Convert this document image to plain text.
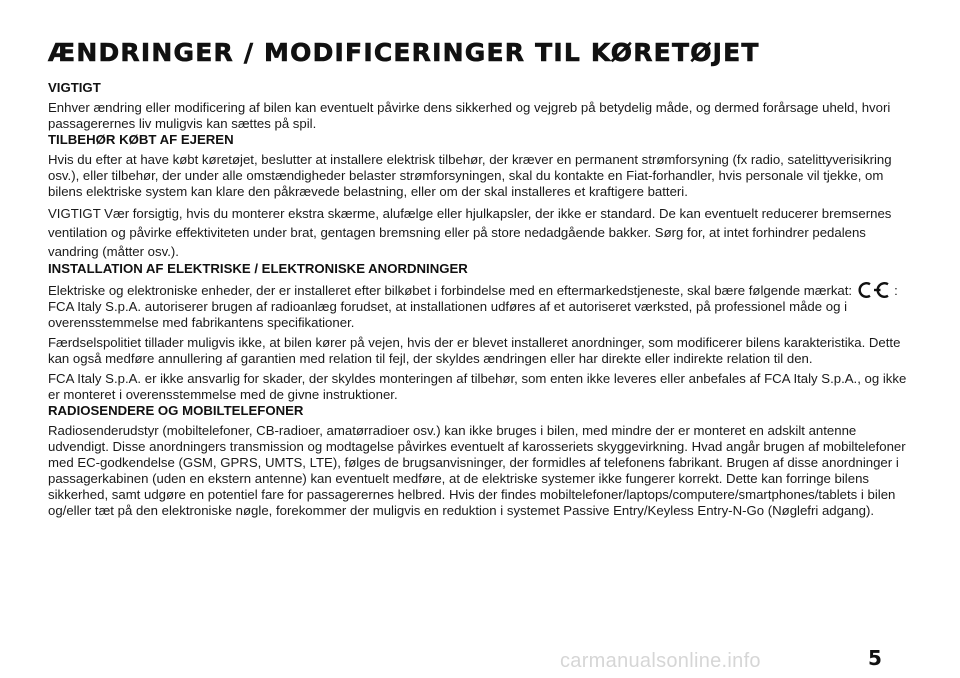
ÆNDRINGER / MODIFICERINGER TIL KØRETØJET
VIGTIGT

Enhver ændring eller modificering af bilen kan eventuelt påvirke dens sikkerhed og vejgreb på betydelig måde, og dermed forårsage uheld, hvori passagerernes liv muligvis kan sættes på spil.

TILBEHØR KØBT AF EJEREN

Hvis du efter at have købt køretøjet, beslutter at installere elektrisk tilbehør, der kræver en permanent strømforsyning (fx radio, satelittyverisikring osv.), eller tilbehør, der under alle omstændigheder belaster strømforsyningen, skal du kontakte en Fiat-forhandler, hvis personale vil tjekke, om bilens elektriske system kan klare den påkrævede belastning, eller om der skal installeres et kraftigere batteri.

VIGTIGT Vær forsigtig, hvis du monterer ekstra skærme, alufælge eller hjulkapsler, der ikke er standard. De kan eventuelt reducerer bremsernes ventilation og påvirke effektiviteten under brat, gentagen bremsning eller på store nedadgående bakker. Sørg for, at intet forhindrer pedalens vandring (måtter osv.).

INSTALLATION AF ELEKTRISKE / ELEKTRONISKE ANORDNINGER

Elektriske og elektroniske enheder, der er installeret efter bilkøbet i forbindelse med en eftermarkedstjeneste, skal bære følgende mærkat:	: FCA Italy S.p.A. autoriserer brugen af radioanlæg forudset, at installationen udføres af et autoriseret værksted, på professionel måde og i overensstemmelse med fabrikantens specifikationer.

Færdselspolitiet tillader muligvis ikke, at bilen kører på vejen, hvis der er blevet installeret anordninger, som modificerer bilens karakteristika. Dette kan også medføre annullering af garantien med relation til fejl, der skyldes ændringen eller har direkte eller indirekte relation til den.

FCA Italy S.p.A. er ikke ansvarlig for skader, der skyldes monteringen af tilbehør, som enten ikke leveres eller anbefales af FCA Italy S.p.A., og ikke er monteret i overensstemmelse med de givne instruktioner.

RADIOSENDERE OG MOBILTELEFONER

Radiosenderudstyr (mobiltelefoner, CB-radioer, amatørradioer osv.) kan ikke bruges i bilen, med mindre der er monteret en adskilt antenne udvendigt. Disse anordningers transmission og modtagelse påvirkes eventuelt af karosseriets skyggevirkning. Hvad angår brugen af mobiltelefoner med EC-godkendelse (GSM, GPRS, UMTS, LTE), følges de brugsanvisninger, der formidles af telefonens fabrikant. Brugen af disse anordninger i passagerkabinen (uden en ekstern antenne) kan eventuelt medføre, at de elektriske systemer ikke fungerer korrekt. Dette kan forringe bilens sikkerhed, samt udgøre en potentiel fare for passagerernes helbred. Hvis der findes mobiltelefoner/laptops/computere/smartphones/tablets i bilen og/eller tæt på den elektroniske nøgle, forekommer der muligvis en reduktion i systemet Passive Entry/Keyless Entry-N-Go (Nøglefri adgang).

carmanualsonline.info	5
